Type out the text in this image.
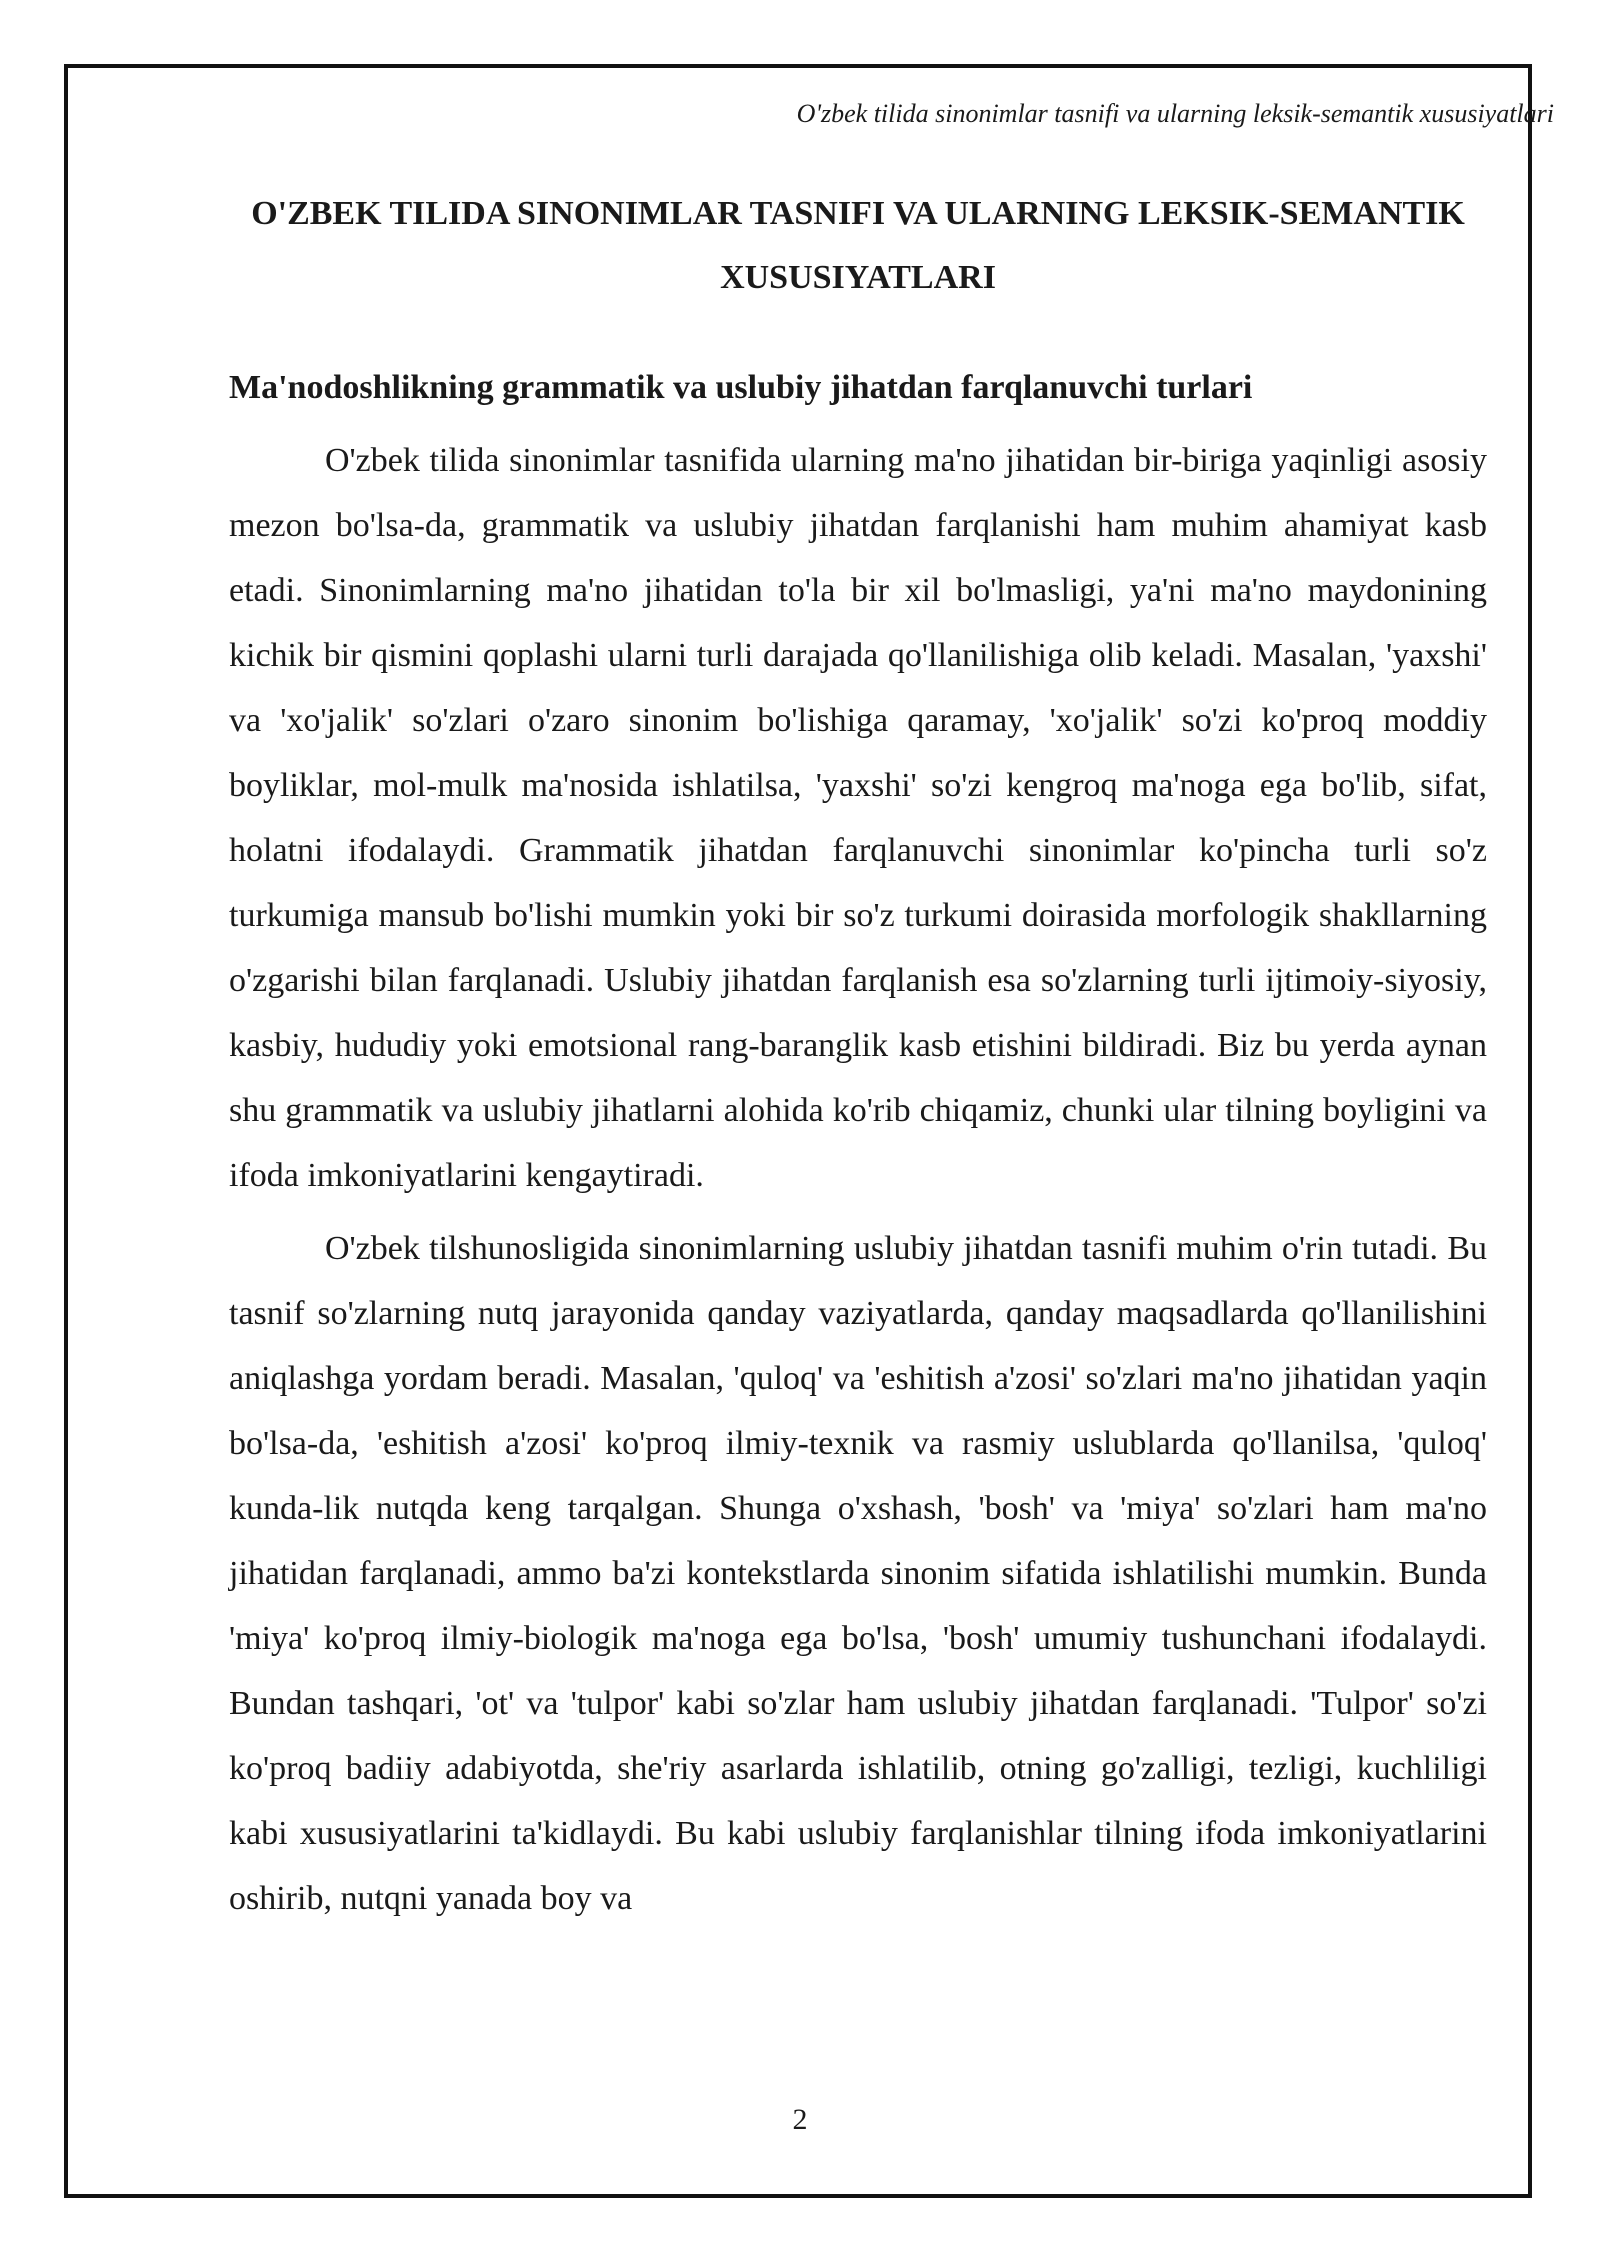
O'zbek tilida sinonimlar tasnifi va ularning leksik-semantik xususiyatlari
O'ZBEK TILIDA SINONIMLAR TASNIFI VA ULARNING LEKSIK-SEMANTIK XUSUSIYATLARI
Ma'nodoshlikning grammatik va uslubiy jihatdan farqlanuvchi turlari

O'zbek tilida sinonimlar tasnifida ularning ma'no jihatidan bir-biriga yaqinligi asosiy mezon bo'lsa-da, grammatik va uslubiy jihatdan farqlanishi ham muhim ahamiyat kasb etadi. Sinonimlarning ma'no jihatidan to'la bir xil bo'lmasligi, ya'ni ma'no maydonining kichik bir qismini qoplashi ularni turli darajada qo'llanilishiga olib keladi. Masalan, 'yaxshi' va 'xo'jalik' so'zlari o'zaro sinonim bo'lishiga qaramay, 'xo'jalik' so'zi ko'proq moddiy boyliklar, mol-mulk ma'nosida ishlatilsa, 'yaxshi' so'zi kengroq ma'noga ega bo'lib, sifat, holatni ifodalaydi. Grammatik jihatdan farqlanuvchi sinonimlar ko'pincha turli so'z turkumiga mansub bo'lishi mumkin yoki bir so'z turkumi doirasida morfologik shakllarning o'zgarishi bilan farqlanadi. Uslubiy jihatdan farqlanish esa so'zlarning turli ijtimoiy-siyosiy, kasbiy, hududiy yoki emotsional rang-baranglik kasb etishini bildiradi. Biz bu yerda aynan shu grammatik va uslubiy jihatlarni alohida ko'rib chiqamiz, chunki ular tilning boyligini va ifoda imkoniyatlarini kengaytiradi.

O'zbek tilshunosligida sinonimlarning uslubiy jihatdan tasnifi muhim o'rin tutadi. Bu tasnif so'zlarning nutq jarayonida qanday vaziyatlarda, qanday maqsadlarda qo'llanilishini aniqlashga yordam beradi. Masalan, 'quloq' va 'eshitish a'zosi' so'zlari ma'no jihatidan yaqin bo'lsa-da, 'eshitish a'zosi' ko'proq ilmiy-texnik va rasmiy uslublarda qo'llanilsa, 'quloq' kunda-lik nutqda keng tarqalgan. Shunga o'xshash, 'bosh' va 'miya' so'zlari ham ma'no jihatidan farqlanadi, ammo ba'zi kontekstlarda sinonim sifatida ishlatilishi mumkin. Bunda 'miya' ko'proq ilmiy-biologik ma'noga ega bo'lsa, 'bosh' umumiy tushunchani ifodalaydi. Bundan tashqari, 'ot' va 'tulpor' kabi so'zlar ham uslubiy jihatdan farqlanadi. 'Tulpor' so'zi ko'proq badiiy adabiyotda, she'riy asarlarda ishlatilib, otning go'zalligi, tezligi, kuchliligi kabi xususiyatlarini ta'kidlaydi. Bu kabi uslubiy farqlanishlar tilning ifoda imkoniyatlarini oshirib, nutqni yanada boy va

2
